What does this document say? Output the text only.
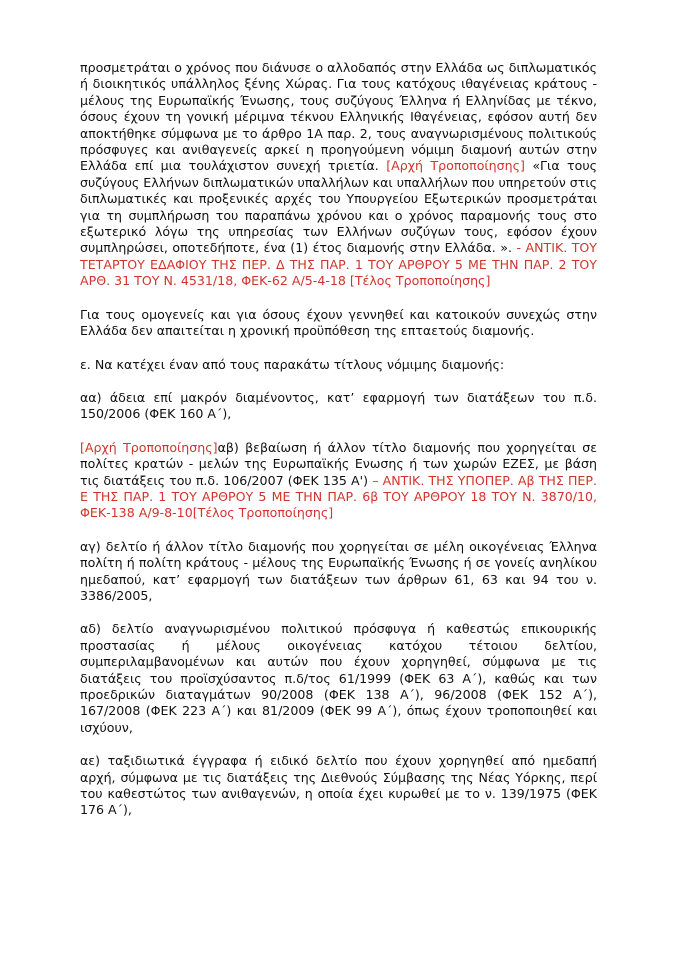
προσμετράται ο χρόνος που διάνυσε ο αλλοδαπός στην Ελλάδα ως διπλωματικός ή διοικητικός υπάλληλος ξένης Χώρας. Για τους κατόχους ιθαγένειας κράτους - μέλους της Ευρωπαϊκής Ένωσης, τους συζύγους Έλληνα ή Ελληνίδας με τέκνο, όσους έχουν τη γονική μέριμνα τέκνου Ελληνικής Ιθαγένειας, εφόσον αυτή δεν αποκτήθηκε σύμφωνα με το άρθρο 1Α παρ. 2, τους αναγνωρισμένους πολιτικούς πρόσφυγες και ανιθαγενείς αρκεί η προηγούμενη νόμιμη διαμονή αυτών στην Ελλάδα επί μια τουλάχιστον συνεχή τριετία. [Αρχή Τροποποίησης] «Για τους συζύγους Ελλήνων διπλωματικών υπαλλήλων και υπαλλήλων που υπηρετούν στις διπλωματικές και προξενικές αρχές του Υπουργείου Εξωτερικών προσμετράται για τη συμπλήρωση του παραπάνω χρόνου και ο χρόνος παραμονής τους στο εξωτερικό λόγω της υπηρεσίας των Ελλήνων συζύγων τους, εφόσον έχουν συμπληρώσει, οποτεδήποτε, ένα (1) έτος διαμονής στην Ελλάδα. ». - ΑΝΤΙΚ. ΤΟΥ ΤΕΤΑΡΤΟΥ ΕΔΑΦΙΟΥ ΤΗΣ ΠΕΡ. Δ ΤΗΣ ΠΑΡ. 1 ΤΟΥ ΑΡΘΡΟΥ 5 ΜΕ ΤΗΝ ΠΑΡ. 2 ΤΟΥ ΑΡΘ. 31 ΤΟΥ Ν. 4531/18, ΦΕΚ-62 Α/5-4-18 [Τέλος Τροποποίησης]

Για τους ομογενείς και για όσους έχουν γεννηθεί και κατοικούν συνεχώς στην Ελλάδα δεν απαιτείται η χρονική προϋπόθεση της επταετούς διαμονής.

ε. Να κατέχει έναν από τους παρακάτω τίτλους νόμιμης διαμονής:

αα) άδεια επί μακρόν διαμένοντος, κατ’ εφαρμογή των διατάξεων του π.δ. 150/2006 (ΦΕΚ 160 Α΄),

[Αρχή Τροποποίησης]αβ) βεβαίωση ή άλλον τίτλο διαμονής που χορηγείται σε πολίτες κρατών - μελών της Ευρωπαϊκής Ενωσης ή των χωρών ΕΖΕΣ, με βάση τις διατάξεις του π.δ. 106/2007 (ΦΕΚ 135 Α') – ΑΝΤΙΚ. ΤΗΣ ΥΠΟΠΕΡ. Αβ ΤΗΣ ΠΕΡ. Ε ΤΗΣ ΠΑΡ. 1 ΤΟΥ ΑΡΘΡΟΥ 5 ΜΕ ΤΗΝ ΠΑΡ. 6β ΤΟΥ ΑΡΘΡΟΥ 18 ΤΟΥ Ν. 3870/10, ΦΕΚ-138 Α/9-8-10[Τέλος Τροποποίησης]

αγ) δελτίο ή άλλον τίτλο διαμονής που χορηγείται σε μέλη οικογένειας Έλληνα πολίτη ή πολίτη κράτους - μέλους της Ευρωπαϊκής Ένωσης ή σε γονείς ανηλίκου ημεδαπού, κατ’ εφαρμογή των διατάξεων των άρθρων 61, 63 και 94 του ν. 3386/2005,

αδ) δελτίο αναγνωρισμένου πολιτικού πρόσφυγα ή καθεστώς επικουρικής προστασίας ή μέλους οικογένειας κατόχου τέτοιου δελτίου, συμπεριλαμβανομένων και αυτών που έχουν χορηγηθεί, σύμφωνα με τις διατάξεις του προϊσχύσαντος π.δ/τος 61/1999 (ΦΕΚ 63 Α΄), καθώς και των προεδρικών διαταγμάτων 90/2008 (ΦΕΚ 138 Α΄), 96/2008 (ΦΕΚ 152 Α΄), 167/2008 (ΦΕΚ 223 Α΄) και 81/2009 (ΦΕΚ 99 Α΄), όπως έχουν τροποποιηθεί και ισχύουν,

αε) ταξιδιωτικά έγγραφα ή ειδικό δελτίο που έχουν χορηγηθεί από ημεδαπή αρχή, σύμφωνα με τις διατάξεις της Διεθνούς Σύμβασης της Νέας Υόρκης, περί του καθεστώτος των ανιθαγενών, η οποία έχει κυρωθεί με το ν. 139/1975 (ΦΕΚ 176 Α΄),
